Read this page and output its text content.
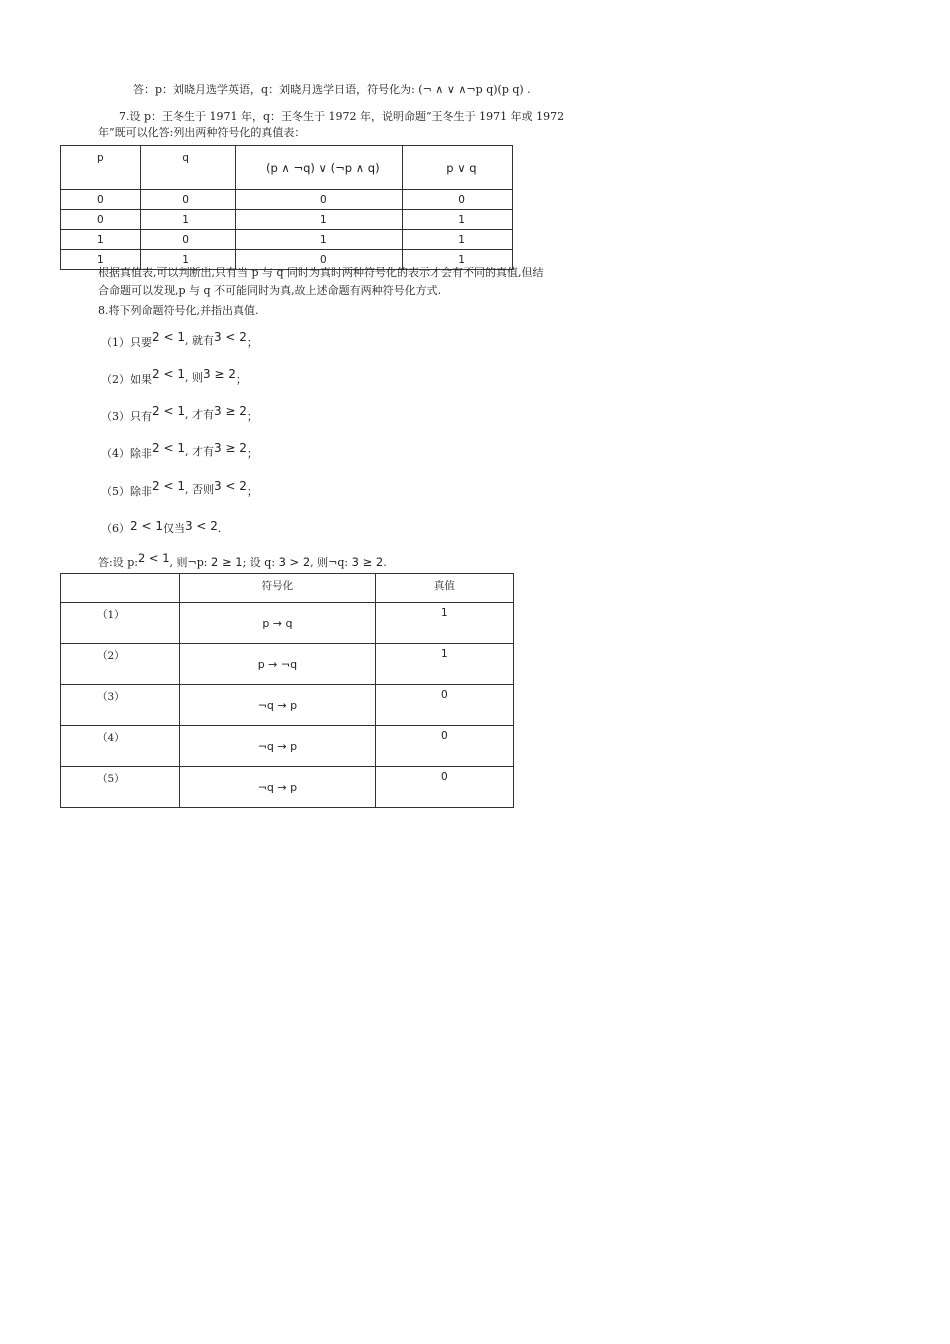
答：p：刘晓月选学英语，q：刘晓月选学日语，符号化为: (¬ ∧ ∨ ∧¬p q)(p q) .
7.设 p：王冬生于 1971 年，q：王冬生于 1972 年，说明命题“王冬生于 1971 年或 1972
年”既可以化答:列出两种符号化的真值表：
p	q	(p ∧ ¬q) ∨ (¬p ∧ q)	p ∨ q
0	0	0	0
0	1	1	1
1	0	1	1
1	1	0	1
根据真值表,可以判断出,只有当 p 与 q 同时为真时两种符号化的表示才会有不同的真值,但结
合命题可以发现,p 与 q 不可能同时为真,故上述命题有两种符号化方式.
8.将下列命题符号化,并指出真值.
（1）只要2 < 1, 就有3 < 2；
（2）如果2 < 1, 则3 ≥ 2；
（3）只有2 < 1, 才有3 ≥ 2；
（4）除非2 < 1, 才有3 ≥ 2；
（5）除非2 < 1, 否则3 < 2；
（6）2 < 1仅当3 < 2.
答:设 p:2 < 1, 则¬p: 2 ≥ 1; 设 q: 3 > 2, 则¬q: 3 ≥ 2.
	符号化	真值
（1）	p → q	1
（2）	p → ¬q	1
（3）	¬q → p	0
（4）	¬q → p	0
（5）	¬q → p	0
